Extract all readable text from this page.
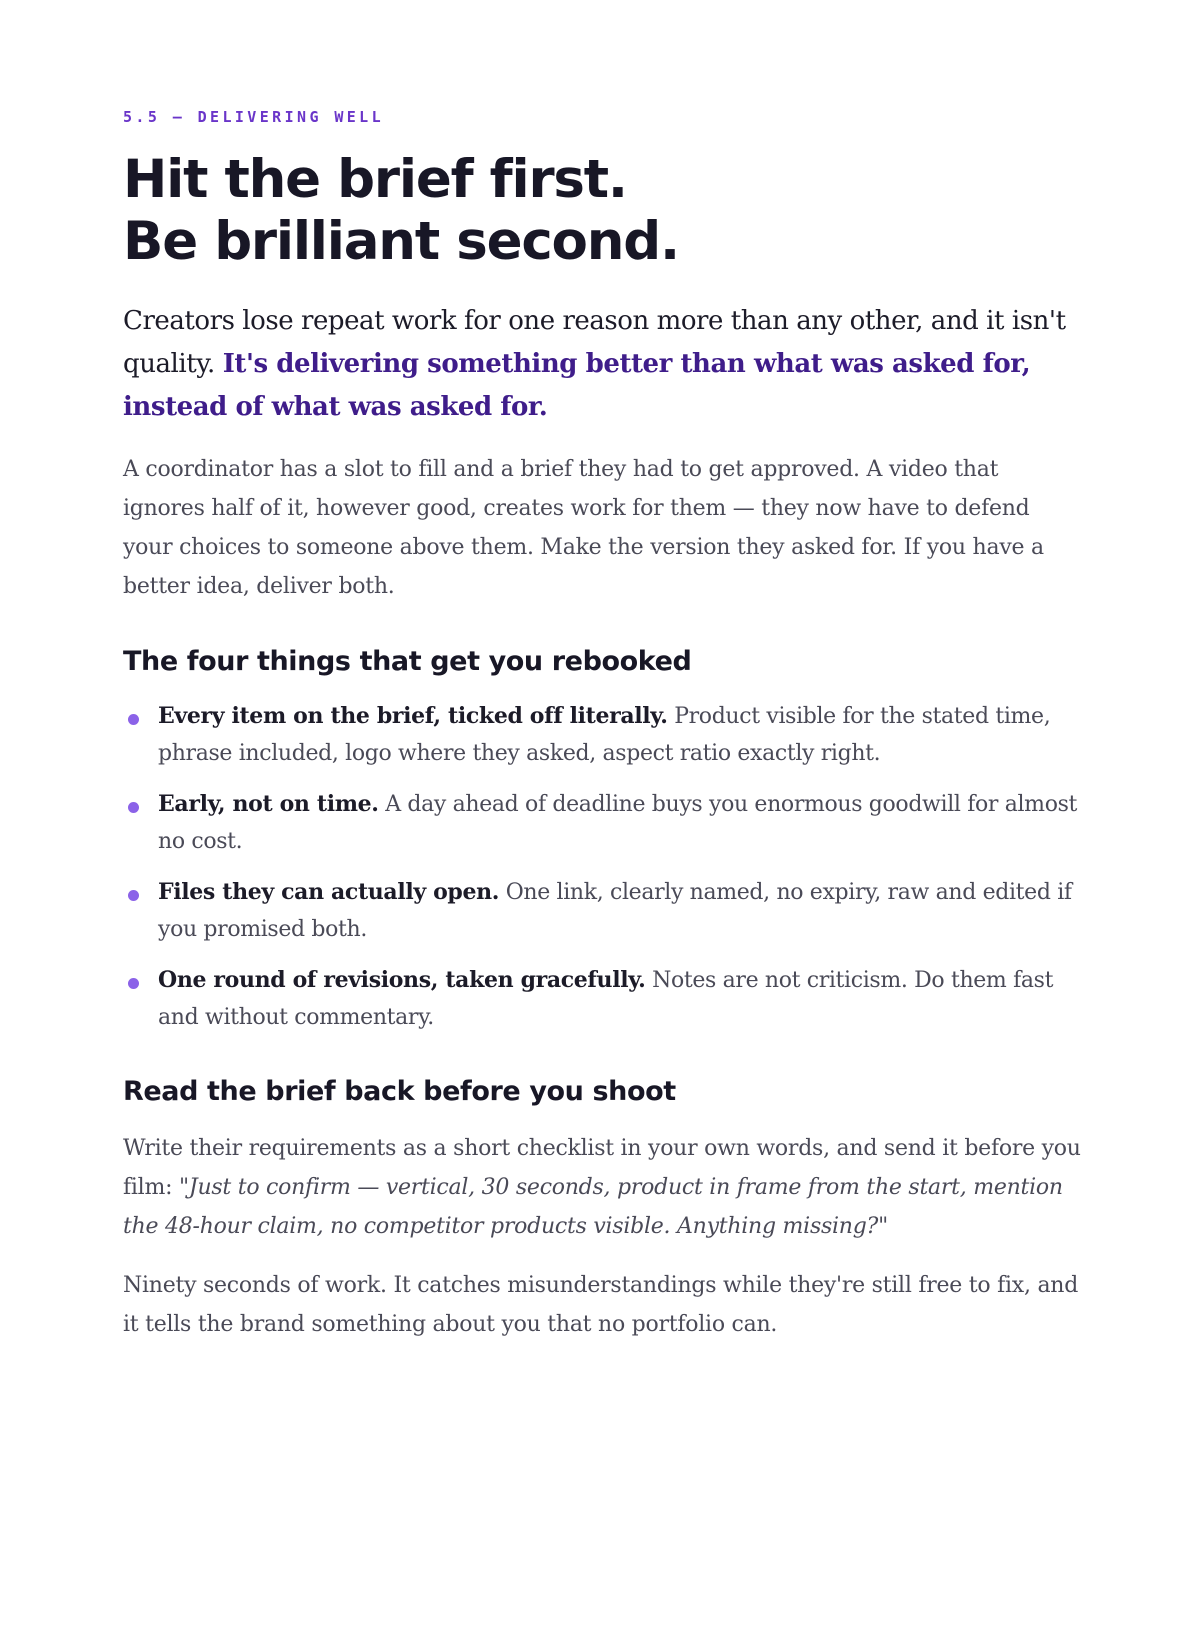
5.5 — DELIVERING WELL
Hit the brief first.
Be brilliant second.

Creators lose repeat work for one reason more than any other, and it isn't quality. It's delivering something better than what was asked for, instead of what was asked for.

A coordinator has a slot to fill and a brief they had to get approved. A video that ignores half of it, however good, creates work for them — they now have to defend your choices to someone above them. Make the version they asked for. If you have a better idea, deliver both.

The four things that get you rebooked
Every item on the brief, ticked off literally. Product visible for the stated time, phrase included, logo where they asked, aspect ratio exactly right.
Early, not on time. A day ahead of deadline buys you enormous goodwill for almost no cost.
Files they can actually open. One link, clearly named, no expiry, raw and edited if you promised both.
One round of revisions, taken gracefully. Notes are not criticism. Do them fast and without commentary.
Read the brief back before you shoot

Write their requirements as a short checklist in your own words, and send it before you film: "Just to confirm — vertical, 30 seconds, product in frame from the start, mention the 48-hour claim, no competitor products visible. Anything missing?"

Ninety seconds of work. It catches misunderstandings while they're still free to fix, and it tells the brand something about you that no portfolio can.
